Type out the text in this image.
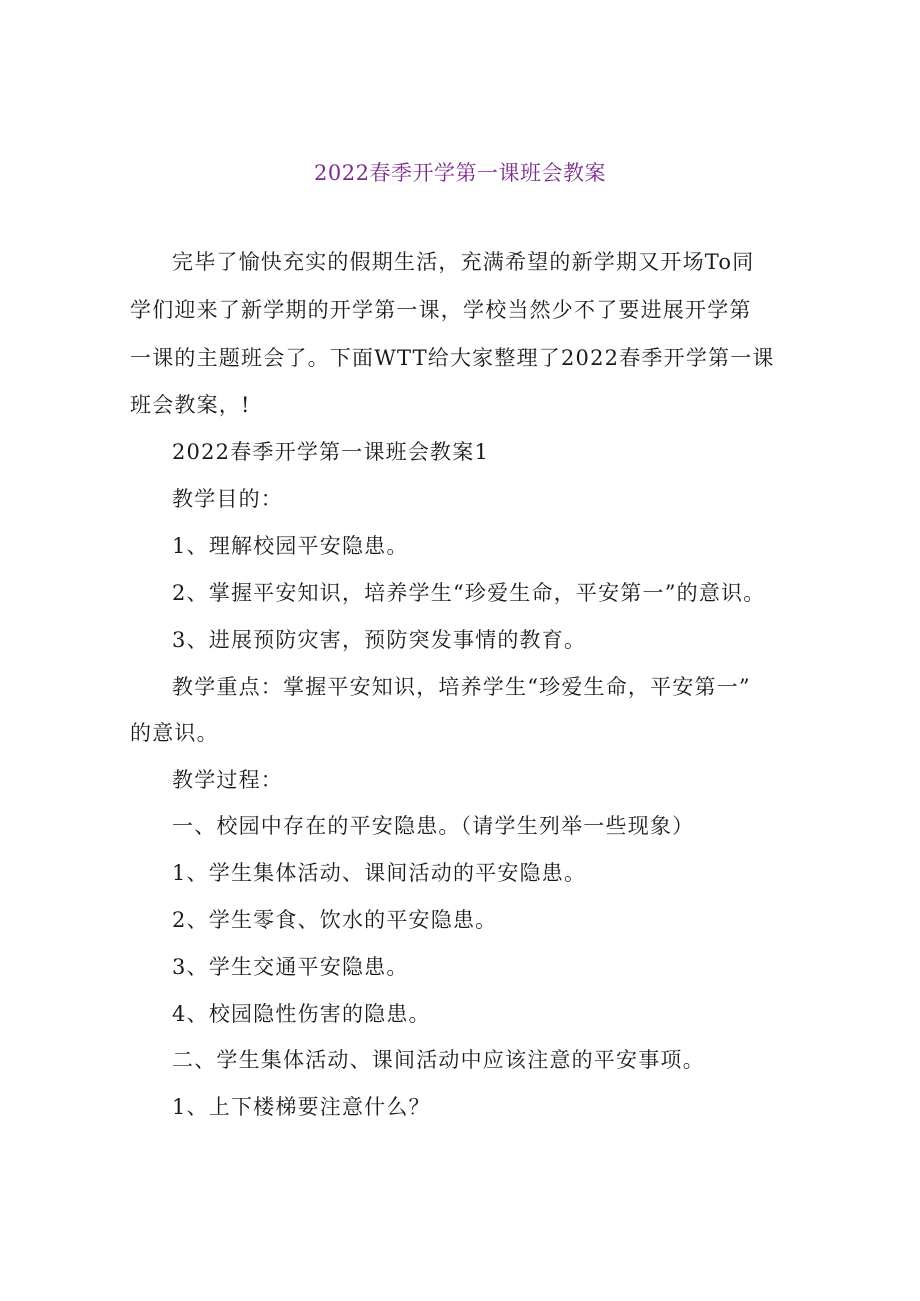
2022春季开学第一课班会教案
完毕了愉快充实的假期生活，充满希望的新学期又开场To同
学们迎来了新学期的开学第一课，学校当然少不了要进展开学第
一课的主题班会了。下面WTT给大家整理了2022春季开学第一课
班会教案，!
2022春季开学第一课班会教案1
教学目的：
1、理解校园平安隐患。
2、掌握平安知识，培养学生“珍爱生命，平安第一”的意识。
3、进展预防灾害，预防突发事情的教育。
教学重点：掌握平安知识，培养学生“珍爱生命，平安第一”
的意识。
教学过程：
一、校园中存在的平安隐患。（请学生列举一些现象）
1、学生集体活动、课间活动的平安隐患。
2、学生零食、饮水的平安隐患。
3、学生交通平安隐患。
4、校园隐性伤害的隐患。
二、学生集体活动、课间活动中应该注意的平安事项。
1、上下楼梯要注意什么？
